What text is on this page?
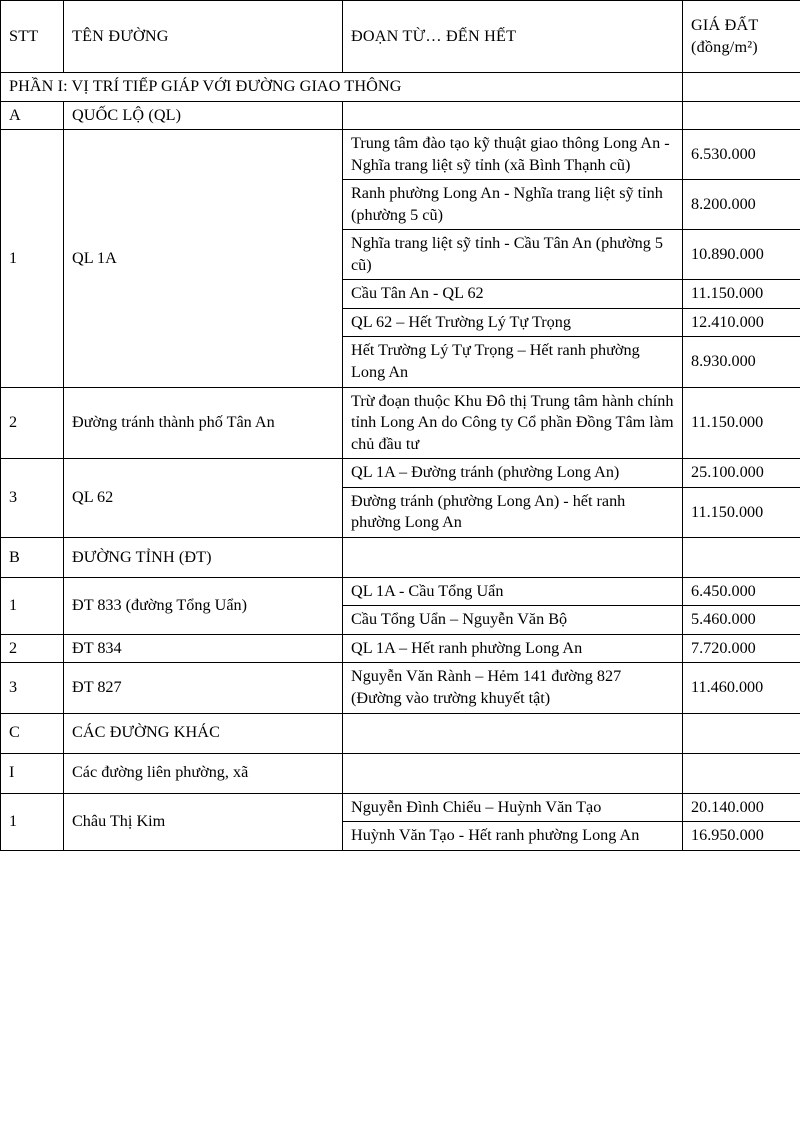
STT	TÊN ĐƯỜNG	ĐOẠN TỪ… ĐẾN HẾT	GIÁ ĐẤT
(đồng/m²)

PHẦN I: VỊ TRÍ TIẾP GIÁP VỚI ĐƯỜNG GIAO THÔNG			
A	QUỐC LỘ (QL)		
1	QL 1A	Trung tâm đào tạo kỹ thuật giao thông Long An - Nghĩa trang liệt sỹ tỉnh (xã Bình Thạnh cũ)	6.530.000
		Ranh phường Long An - Nghĩa trang liệt sỹ tỉnh (phường 5 cũ)	8.200.000
		Nghĩa trang liệt sỹ tỉnh - Cầu Tân An (phường 5 cũ)	10.890.000
		Cầu Tân An - QL 62	11.150.000
		QL 62 – Hết Trường Lý Tự Trọng	12.410.000
		Hết Trường Lý Tự Trọng – Hết ranh phường Long An	8.930.000
2	Đường tránh thành phố Tân An	Trừ đoạn thuộc Khu Đô thị Trung tâm hành chính tỉnh Long An do Công ty Cổ phần Đồng Tâm làm chủ đầu tư	11.150.000
3	QL 62	QL 1A – Đường tránh (phường Long An)	25.100.000
		Đường tránh (phường Long An) - hết ranh phường Long An	11.150.000
B	ĐƯỜNG TỈNH (ĐT)		
1	ĐT 833 (đường Tổng Uẩn)	QL 1A - Cầu Tổng Uẩn	6.450.000
		Cầu Tổng Uẩn – Nguyễn Văn Bộ	5.460.000
2	ĐT 834	QL 1A – Hết ranh phường Long An	7.720.000
3	ĐT 827	Nguyễn Văn Rành – Hẻm 141 đường 827 (Đường vào trường khuyết tật)	11.460.000
C	CÁC ĐƯỜNG KHÁC		
I	Các đường liên phường, xã		
1	Châu Thị Kim	Nguyễn Đình Chiểu – Huỳnh Văn Tạo	20.140.000
		Huỳnh Văn Tạo - Hết ranh phường Long An	16.950.000
